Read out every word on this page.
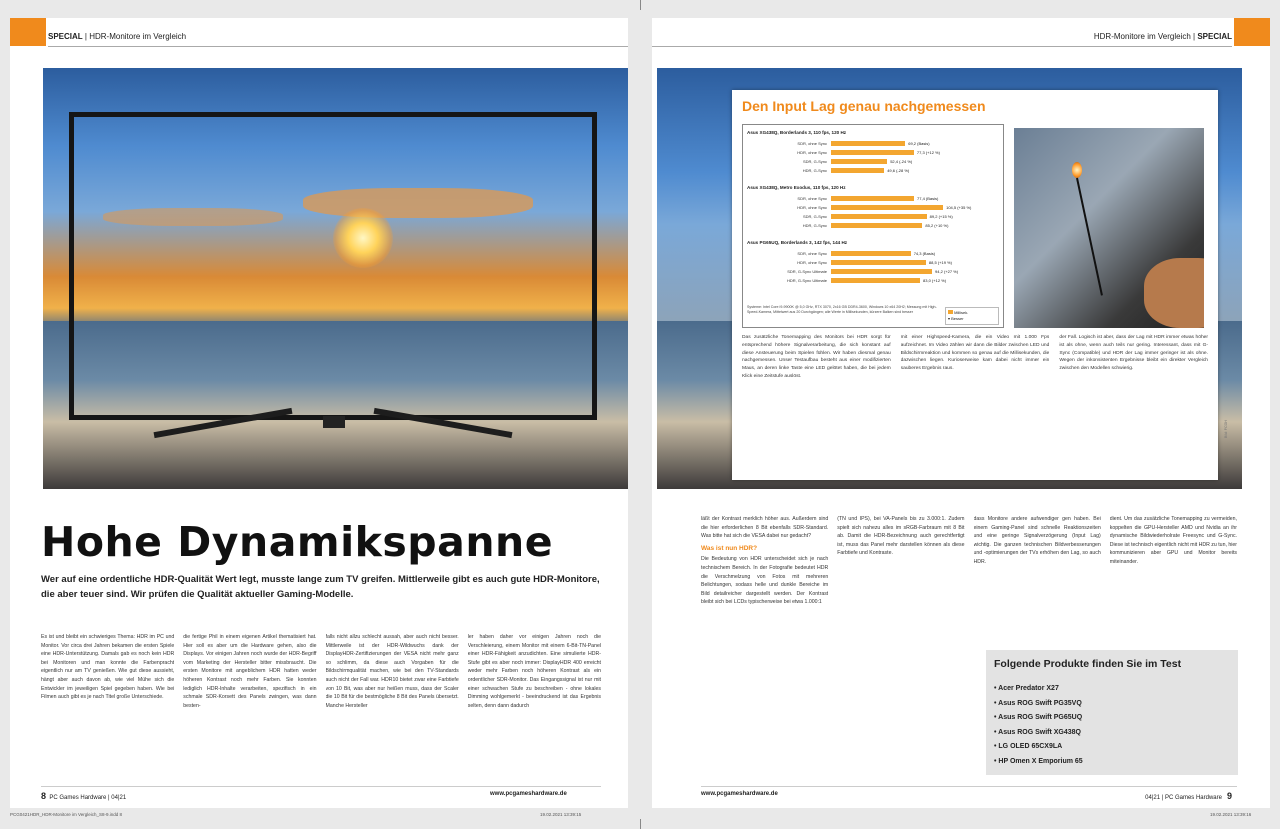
SPECIAL | HDR-Monitore im Vergleich
Hohe Dynamikspanne
Wer auf eine ordentliche HDR-Qualität Wert legt, musste lange zum TV greifen. Mittlerweile gibt es auch gute HDR-Monitore, die aber teuer sind. Wir prüfen die Qualität aktueller Gaming-Modelle.
Es ist und bleibt ein schwieriges Thema: HDR im PC und Monitor. Vor circa drei Jahren bekamen die ersten Spiele eine HDR-Unterstützung. Damals gab es noch kein HDR bei Monitoren und man konnte die Farbenpracht eigentlich nur am TV genießen. Wie gut diese aussieht, hängt aber auch davon ab, wie viel Mühe sich die Entwickler im jeweiligen Spiel gegeben haben. Wie bei Filmen auch gibt es je nach Titel große Unterschiede.
die fertige Phil in einem eigenen Artikel thematisiert hat. Hier soll es aber um die Hardware gehen, also die Displays. Vor einigen Jahren noch wurde der HDR-Begriff vom Marketing der Hersteller bitter missbraucht. Die ersten Monitore mit angeblichem HDR hatten weder höheren Kontrast noch mehr Farben. Sie konnten lediglich HDR-Inhalte verarbeiten, spezifisch in ein schmale SDR-Korsett des Panels zwingen, was dann besten-
falls nicht allzu schlecht aussah, aber auch nicht besser. Mittlerweile ist der HDR-Wildwuchs dank der DisplayHDR-Zertifizierungen der VESA nicht mehr ganz so schlimm, da diese auch Vorgaben für die Bildschirmqualität machen, wie bei den TV-Standards auch nicht der Fall war. HDR10 bietet zwar eine Farbtiefe von 10 Bit, was aber nur heißen muss, dass der Scaler die 10 Bit für die bestmögliche 8 Bit des Panels übersetzt. Manche Hersteller
ler haben daher vor einigen Jahren noch die Verschleierung, einem Monitor mit einem 6-Bit-TN-Panel einer HDR-Fähigkeit anzudichten. Eine simulierte HDR-Stufe gibt es aber noch immer: DisplayHDR 400 erreicht weder mehr Farben noch höheren Kontrast als ein ordentlicher SDR-Monitor. Das Eingangssignal ist nur mit einer schwachen Stufe zu beschreiben - ohne lokales Dimming wohlgemerkt - beeindruckend ist das Ergebnis selten, denn dann dadurch
8 PC Games Hardware | 04|21
www.pcgameshardware.de
HDR-Monitore im Vergleich | SPECIAL
Den Input Lag genau nachgemessen
Systeme: Intel Core i9-9900K @ 5,0 GHz, RTX 3070, 2x16 GB DDR4-3600, Windows 10 x64 20H2; Messung mit High-Speed-Kamera, Mittelwert aus 20 Durchgängen; alle Werte in Millisekunden, kürzere Balken sind besser	Millisek.
▾ Besser
Asus XG438Q, Borderlands 3, 110 fps, 120 Hz
SDR, ohne Sync	69,2 (Basis)
HDR, ohne Sync	77,3 (+12 %)
SDR, G-Sync	52,4 (-24 %)
HDR, G-Sync	49,6 (-28 %)
Asus XG438Q, Metro Exodus, 110 fps, 120 Hz
SDR, ohne Sync	77,4 (Basis)
HDR, ohne Sync	104,5 (+35 %)
SDR, G-Sync	89,2 (+15 %)
HDR, G-Sync	85,2 (+10 %)
Asus PG65UQ, Borderlands 3, 142 fps, 144 Hz
SDR, ohne Sync	74,3 (Basis)
HDR, ohne Sync	88,5 (+19 %)
SDR, G-Sync Ultimate	94,2 (+27 %)
HDR, G-Sync Ultimate	83,0 (+12 %)
Das zusätzliche Tonemapping des Monitors bei HDR sorgt für entsprechend höhere Signalverarbeitung, die sich konstant auf diese Ansteuerung beim Spielen fühlen. Wir haben diesmal genau nachgemessen. Unser Testaufbau besteht aus einer modifizierten Maus, an deren linke Taste eine LED gelötet haben, die bei jedem Klick eine Zeitstufe auslöst.
mit einer Highspeed-Kamera, die ein Video mit 1.000 Fps aufzeichnet. Im Video zählen wir dann die Bilder zwischen LED und Bildschirmreaktion und kommen so genau auf die Millisekunden, die dazwischen liegen. Kurioserweise kam dabei nicht immer ein sauberes Ergebnis raus.
der Fall. Logisch ist aber, dass der Lag mit HDR immer etwas höher ist als ohne, wenn auch teils nur gering. Interessant, dass mit G-Sync (Compatible) und HDR der Lag immer geringer ist als ohne. Wegen der inkonsistenten Ergebnisse bleibt ein direkter Vergleich zwischen den Modellen schwierig.
Bild: PCGH

läßt der Kontrast merklich höher aus. Außerdem sind die hier erforderlichen 8 Bit ebenfalls SDR-Standard. Was bitte hat sich die VESA dabei nur gedacht?

Was ist nun HDR?

Die Bedeutung von HDR unterscheidet sich je nach technischem Bereich. In der Fotografie bedeutet HDR die Verschmelzung von Fotos mit mehreren Belichtungen, sodass helle und dunkle Bereiche im Bild detailreicher dargestellt werden. Der Kontrast bleibt sich bei LCDs typischerweise bei etwa 1.000:1

(TN und IPS), bei VA-Panels bis zu 3.000:1. Zudem spielt sich nahezu alles im sRGB-Farbraum mit 8 Bit ab. Damit die HDR-Bezeichnung auch gerechtfertigt ist, muss das Panel mehr darstellen können als diese Farbtiefe und Kontraste.
dass Monitore andere aufwendiger gen haben. Bei einem Gaming-Panel sind schnelle Reaktionszeiten und eine geringe Signalverzögerung (Input Lag) wichtig. Die ganzen technischen Bildverbesserungen und -optimierungen der TVs erhöhen den Lag, so auch HDR.
dient. Um das zusätzliche Tonemapping zu vermeiden, koppelten die GPU-Hersteller AMD und Nvidia an ihr dynamische Bildwiederholrate Freesync und G-Sync. Diese ist technisch eigentlich nicht mit HDR zu tun, hier kommunizieren aber GPU und Monitor bereits miteinander.
Folgende Produkte finden Sie im Test
• Acer Predator X27
• Asus ROG Swift PG35VQ
• Asus ROG Swift PG65UQ
• Asus ROG Swift XG438Q
• LG OLED 65CX9LA
• HP Omen X Emporium 65
www.pcgameshardware.de
04|21 | PC Games Hardware 9
PCG0421HDR_HDR-Monitore im Vergleich_S8-9.indd 8	19.02.2021 13:39:15	19.02.2021 13:39:16
